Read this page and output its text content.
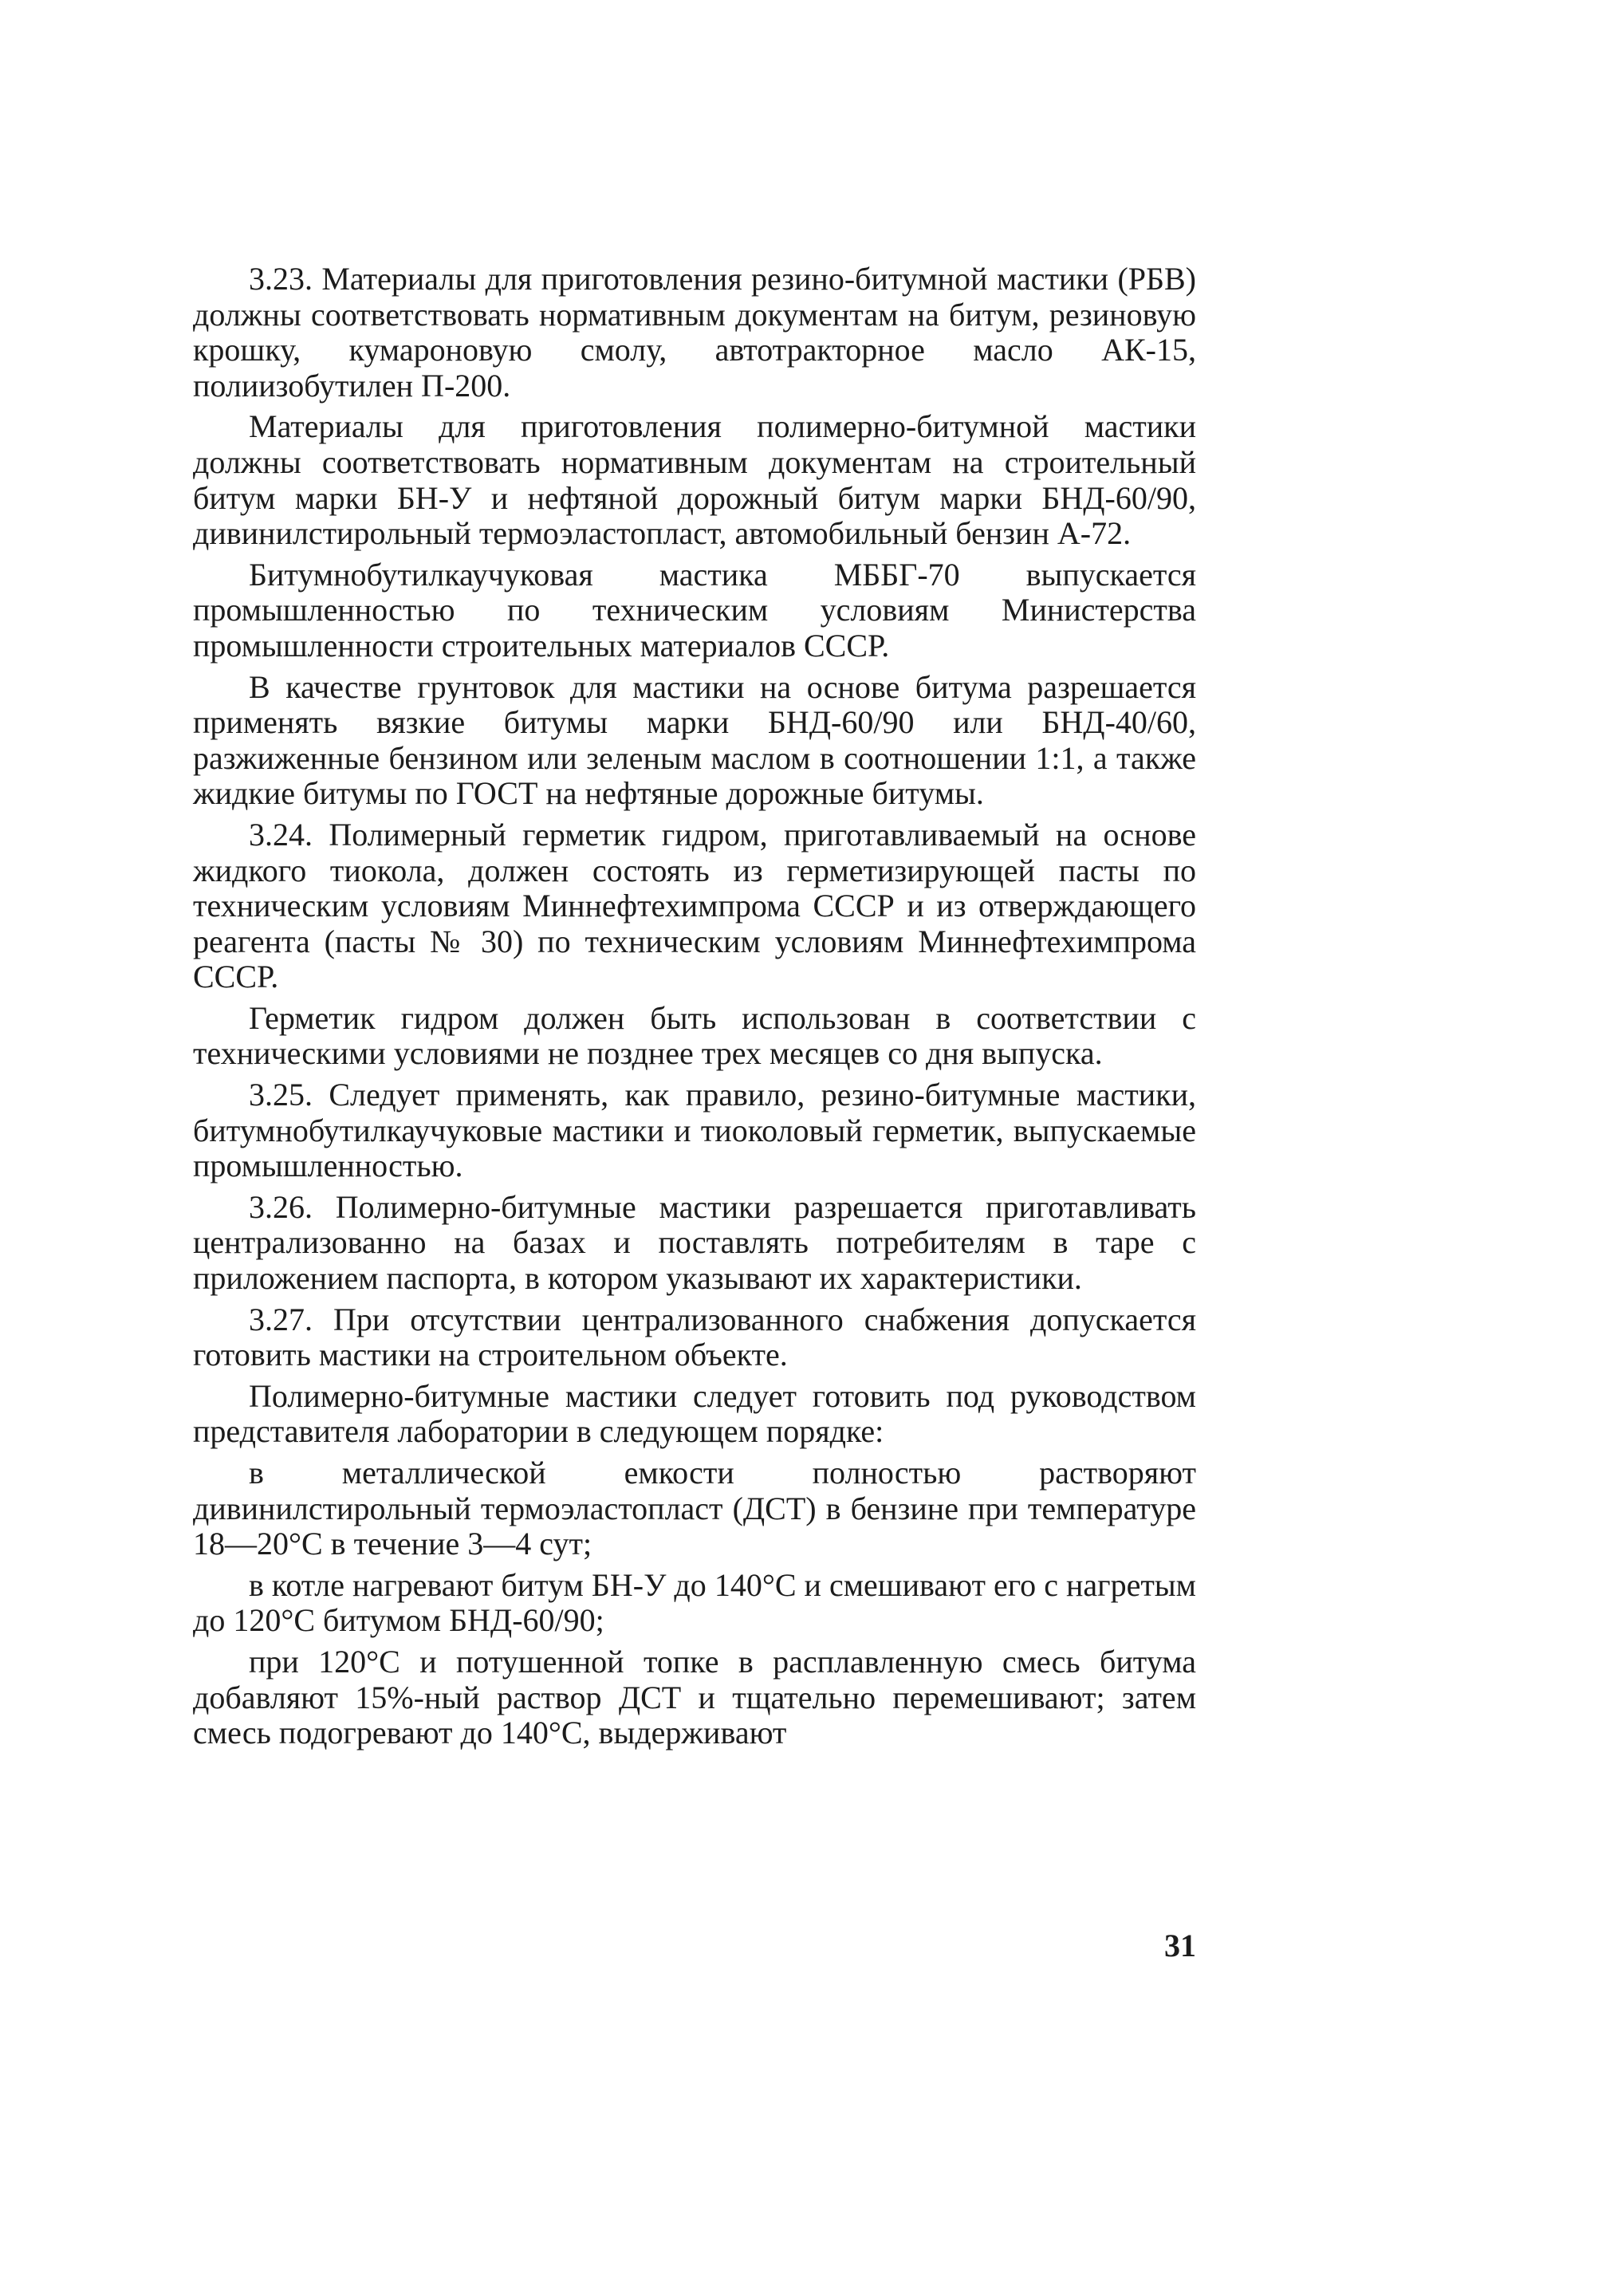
3.23. Материалы для приготовления резино-битумной мастики (РБВ) должны соответствовать нормативным документам на битум, резиновую крошку, кумароновую смолу, автотракторное масло АК-15, полиизобутилен П-200.

Материалы для приготовления полимерно-битумной мастики должны соответствовать нормативным документам на строительный битум марки БН-У и нефтяной дорожный битум марки БНД-60/90, дивинилстирольный термоэластопласт, автомобильный бензин А-72.

Битумнобутилкаучуковая мастика МББГ-70 выпускается промышленностью по техническим условиям Министерства промышленности строительных материалов СССР.

В качестве грунтовок для мастики на основе битума разрешается применять вязкие битумы марки БНД-60/90 или БНД-40/60, разжиженные бензином или зеленым маслом в соотношении 1:1, а также жидкие битумы по ГОСТ на нефтяные дорожные битумы.

3.24. Полимерный герметик гидром, приготавливаемый на основе жидкого тиокола, должен состоять из герметизирующей пасты по техническим условиям Миннефтехимпрома СССР и из отверждающего реагента (пасты № 30) по техническим условиям Миннефтехимпрома СССР.

Герметик гидром должен быть использован в соответствии с техническими условиями не позднее трех месяцев со дня выпуска.

3.25. Следует применять, как правило, резино-битумные мастики, битумнобутилкаучуковые мастики и тиоколовый герметик, выпускаемые промышленностью.

3.26. Полимерно-битумные мастики разрешается приготавливать централизованно на базах и поставлять потребителям в таре с приложением паспорта, в котором указывают их характеристики.

3.27. При отсутствии централизованного снабжения допускается готовить мастики на строительном объекте.

Полимерно-битумные мастики следует готовить под руководством представителя лаборатории в следующем порядке:

в металлической емкости полностью растворяют дивинилстирольный термоэластопласт (ДСТ) в бензине при температуре 18—20°С в течение 3—4 сут;

в котле нагревают битум БН-У до 140°С и смешивают его с нагретым до 120°С битумом БНД-60/90;

при 120°С и потушенной топке в расплавленную смесь битума добавляют 15%-ный раствор ДСТ и тщательно перемешивают; затем смесь подогревают до 140°С, выдерживают

31
